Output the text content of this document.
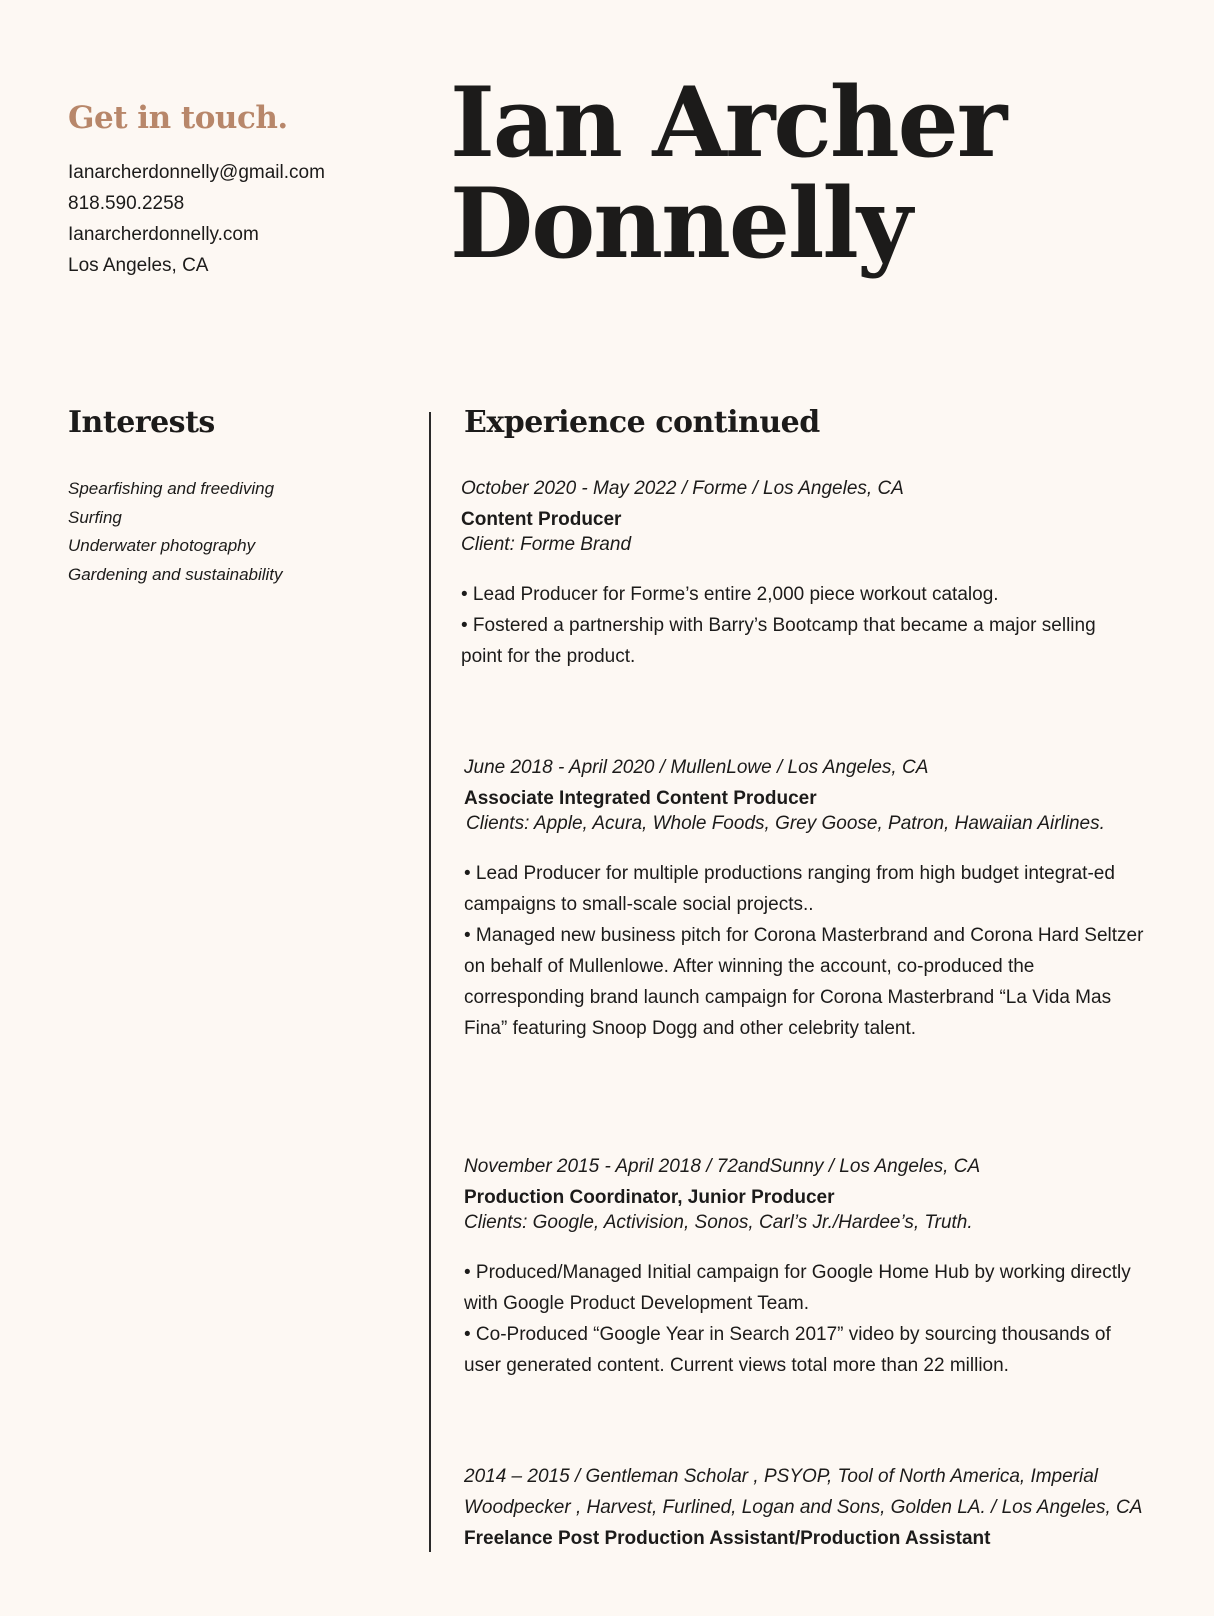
Get in touch.
Ianarcherdonnelly@gmail.com
818.590.2258
Ianarcherdonnelly.com
Los Angeles, CA
Ian Archer
Donnelly
Interests
Spearfishing and freediving
Surfing
Underwater photography
Gardening and sustainability
Experience continued
October 2020 - May 2022 / Forme / Los Angeles, CA
Content Producer
Client: Forme Brand
• Lead Producer for Forme’s entire 2,000 piece workout catalog.
• Fostered a partnership with Barry’s Bootcamp that became a major selling point for the product.
June 2018 - April 2020 / MullenLowe / Los Angeles, CA
Associate Integrated Content Producer
Clients: Apple, Acura, Whole Foods, Grey Goose, Patron, Hawaiian Airlines.
• Lead Producer for multiple productions ranging from high budget integrat-ed campaigns to small-scale social projects..
• Managed new business pitch for Corona Masterbrand and Corona Hard Seltzer on behalf of Mullenlowe. After winning the account, co-produced the corresponding brand launch campaign for Corona Masterbrand “La Vida Mas Fina” featuring Snoop Dogg and other celebrity talent.
November 2015 - April 2018 / 72andSunny / Los Angeles, CA
Production Coordinator, Junior Producer
Clients: Google, Activision, Sonos, Carl’s Jr./Hardee’s, Truth.
• Produced/Managed Initial campaign for Google Home Hub by working directly with Google Product Development Team.
• Co-Produced “Google Year in Search 2017” video by sourcing thousands of user generated content. Current views total more than 22 million.
2014 – 2015 / Gentleman Scholar , PSYOP, Tool of North America, Imperial Woodpecker , Harvest, Furlined, Logan and Sons, Golden LA. / Los Angeles, CA
Freelance Post Production Assistant/Production Assistant
